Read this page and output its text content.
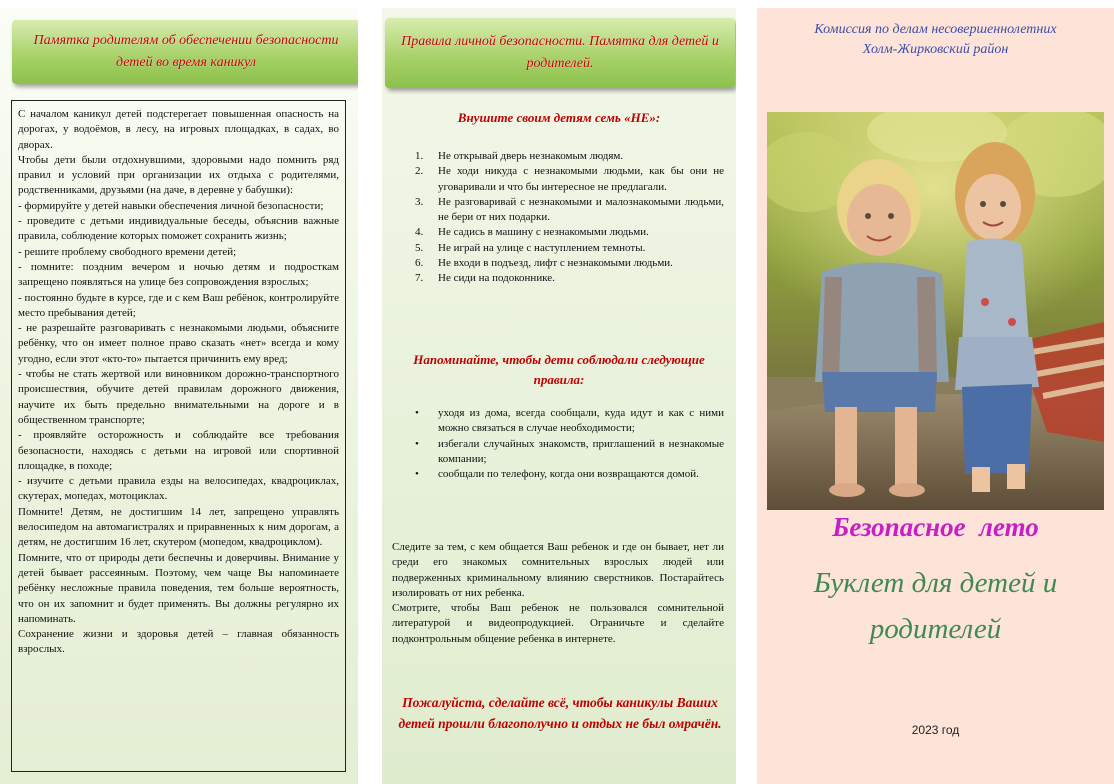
Памятка родителям об обеспечении безопасности детей во время каникул

С началом каникул детей подстерегает повышенная опасность на дорогах, у водоёмов, в лесу, на игровых площадках, в садах, во дворах.

Чтобы дети были отдохнувшими, здоровыми надо помнить ряд правил и условий при организации их отдыха с родителями, родственниками, друзьями (на даче, в деревне у бабушки):

- формируйте у детей навыки обеспечения личной безопасности;

- проведите с детьми индивидуальные беседы, объяснив важные правила, соблюдение которых поможет сохранить жизнь;

- решите проблему свободного времени детей;

- помните: поздним вечером и ночью детям и подросткам запрещено появляться на улице без сопровождения взрослых;

- постоянно будьте в курсе, где и с кем Ваш ребёнок, контролируйте место пребывания детей;

- не разрешайте разговаривать с незнакомыми людьми, объясните ребёнку, что он имеет полное право сказать «нет» всегда и кому угодно, если этот «кто-то» пытается причинить ему вред;

- чтобы не стать жертвой или виновником дорожно-транспортного происшествия, обучите детей правилам дорожного движения, научите их быть предельно внимательными на дороге и в общественном транспорте;

- проявляйте осторожность и соблюдайте все требования безопасности, находясь с детьми на игровой или спортивной площадке, в походе;

- изучите с детьми правила езды на велосипедах, квадроциклах, скутерах, мопедах, мотоциклах.

Помните! Детям, не достигшим 14 лет, запрещено управлять велосипедом на автомагистралях и приравненных к ним дорогам, а детям, не достигшим 16 лет, скутером (мопедом, квадроциклом).

Помните, что от природы дети беспечны и доверчивы. Внимание у детей бывает рассеянным. Поэтому, чем чаще Вы напоминаете ребёнку несложные правила поведения, тем больше вероятность, что он их запомнит и будет применять. Вы должны регулярно их напоминать.

Сохранение жизни и здоровья детей – главная обязанность взрослых.

Правила личной безопасности. Памятка для детей и родителей.
Внушите своим детям семь «НЕ»:
1. Не открывай дверь незнакомым людям.
2. Не ходи никуда с незнакомыми людьми, как бы они не уговаривали и что бы интересное не предлагали.
3. Не разговаривай с незнакомыми и малознакомыми людьми, не бери от них подарки.
4. Не садись в машину с незнакомыми людьми.
5. Не играй на улице с наступлением темноты.
6. Не входи в подъезд, лифт с незнакомыми людьми.
7. Не сиди на подоконнике.
Напоминайте, чтобы дети соблюдали следующие правила:
• уходя из дома, всегда сообщали, куда идут и как с ними можно связаться в случае необходимости;
• избегали случайных знакомств, приглашений в незнакомые компании;
• сообщали по телефону, когда они возвращаются домой.

Следите за тем, с кем общается Ваш ребенок и где он бывает, нет ли среди его знакомых сомнительных взрослых людей или подверженных криминальному влиянию сверстников. Постарайтесь изолировать от них ребенка.

Смотрите, чтобы Ваш ребенок не пользовался сомнительной литературой и видеопродукцией. Ограничьте и сделайте подконтрольным общение ребенка в интернете.

Пожалуйста, сделайте всё, чтобы каникулы Ваших детей прошли благополучно и отдых не был омрачён.
Комиссия по делам несовершеннолетних
Холм-Жирковский район
Безопасное  лето
Буклет для детей и
родителей
2023 год
